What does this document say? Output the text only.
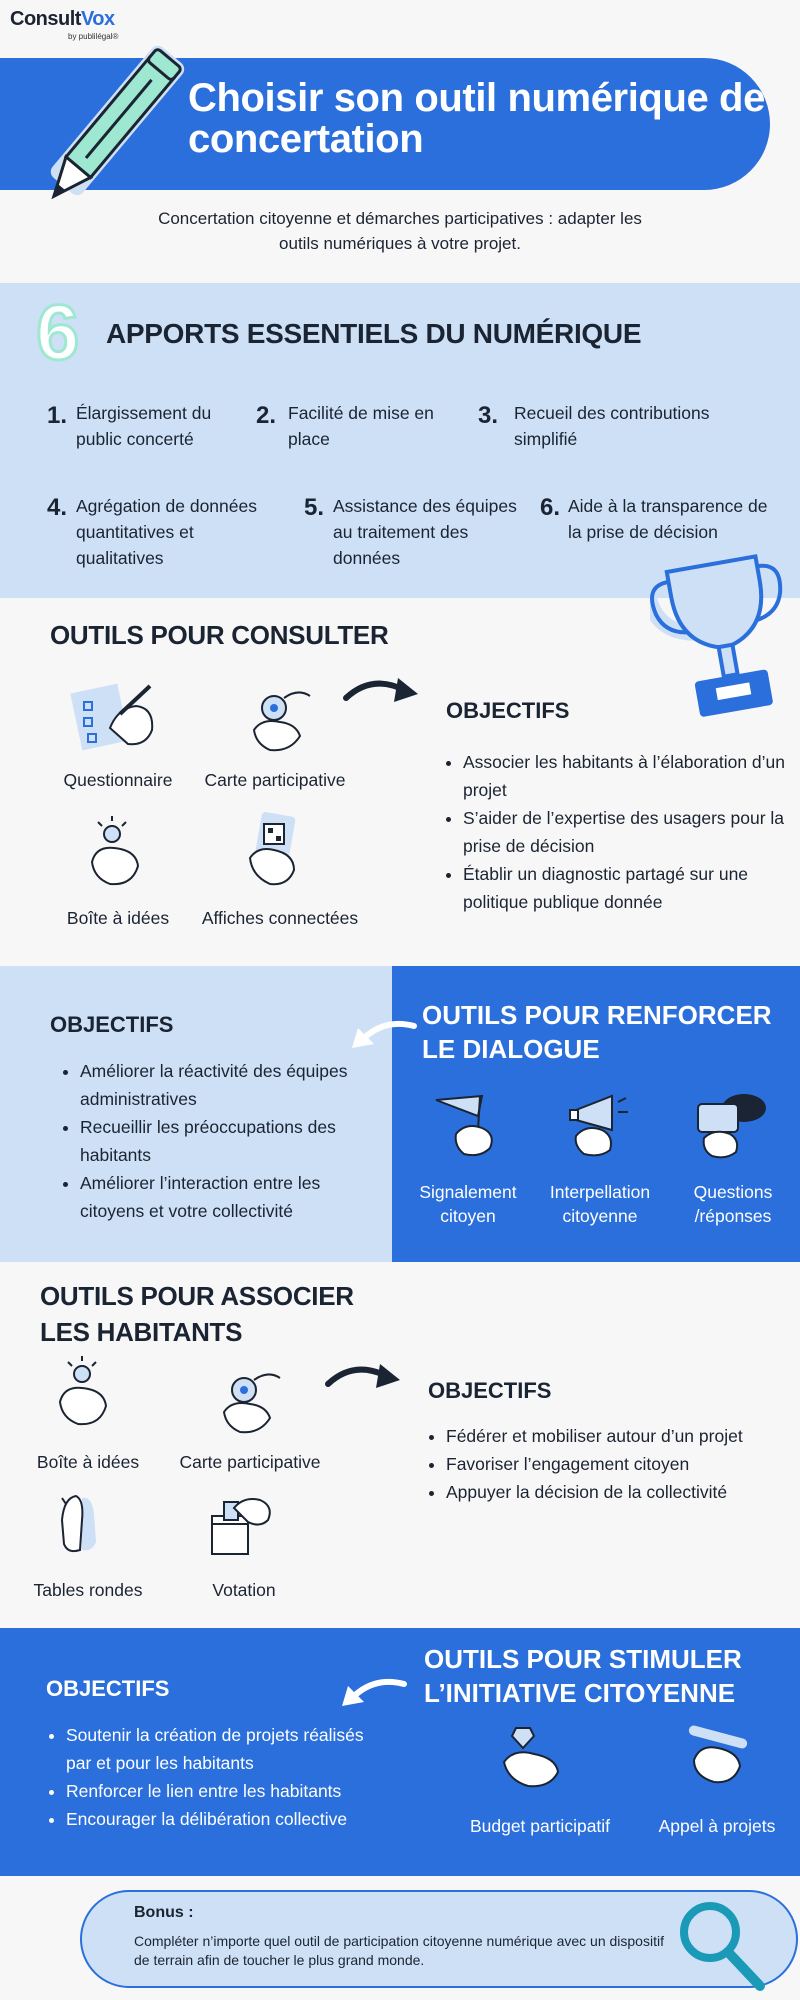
ConsultVox
by publilégal®
Choisir son outil numérique de concertation
Concertation citoyenne et démarches participatives : adapter les outils numériques à votre projet.
6 APPORTS ESSENTIELS DU NUMÉRIQUE
1. Élargissement du public concerté
2. Facilité de mise en place
3. Recueil des contributions simplifié
4. Agrégation de données quantitatives et qualitatives
5. Assistance des équipes au traitement des données
6. Aide à la transparence de la prise de décision
OUTILS POUR CONSULTER
Questionnaire	Carte participative
Boîte à idées	Affiches connectées
OBJECTIFS
• Associer les habitants à l’élaboration d’un projet
• S’aider de l’expertise des usagers pour la prise de décision
• Établir un diagnostic partagé sur une politique publique donnée
OBJECTIFS
• Améliorer la réactivité des équipes administratives
• Recueillir les préoccupations des habitants
• Améliorer l’interaction entre les citoyens et votre collectivité
OUTILS POUR RENFORCER LE DIALOGUE
Signalement citoyen
Interpellation citoyenne
Questions /réponses
OUTILS POUR ASSOCIER LES HABITANTS
Boîte à idées	Carte participative
Tables rondes	Votation
OBJECTIFS
• Fédérer et mobiliser autour d’un projet
• Favoriser l’engagement citoyen
• Appuyer la décision de la collectivité
OBJECTIFS
• Soutenir la création de projets réalisés par et pour les habitants
• Renforcer le lien entre les habitants
• Encourager la délibération collective
OUTILS POUR STIMULER L’INITIATIVE CITOYENNE
Budget participatif	Appel à projets
Bonus :
Compléter n’importe quel outil de participation citoyenne numérique avec un dispositif de terrain afin de toucher le plus grand monde.
